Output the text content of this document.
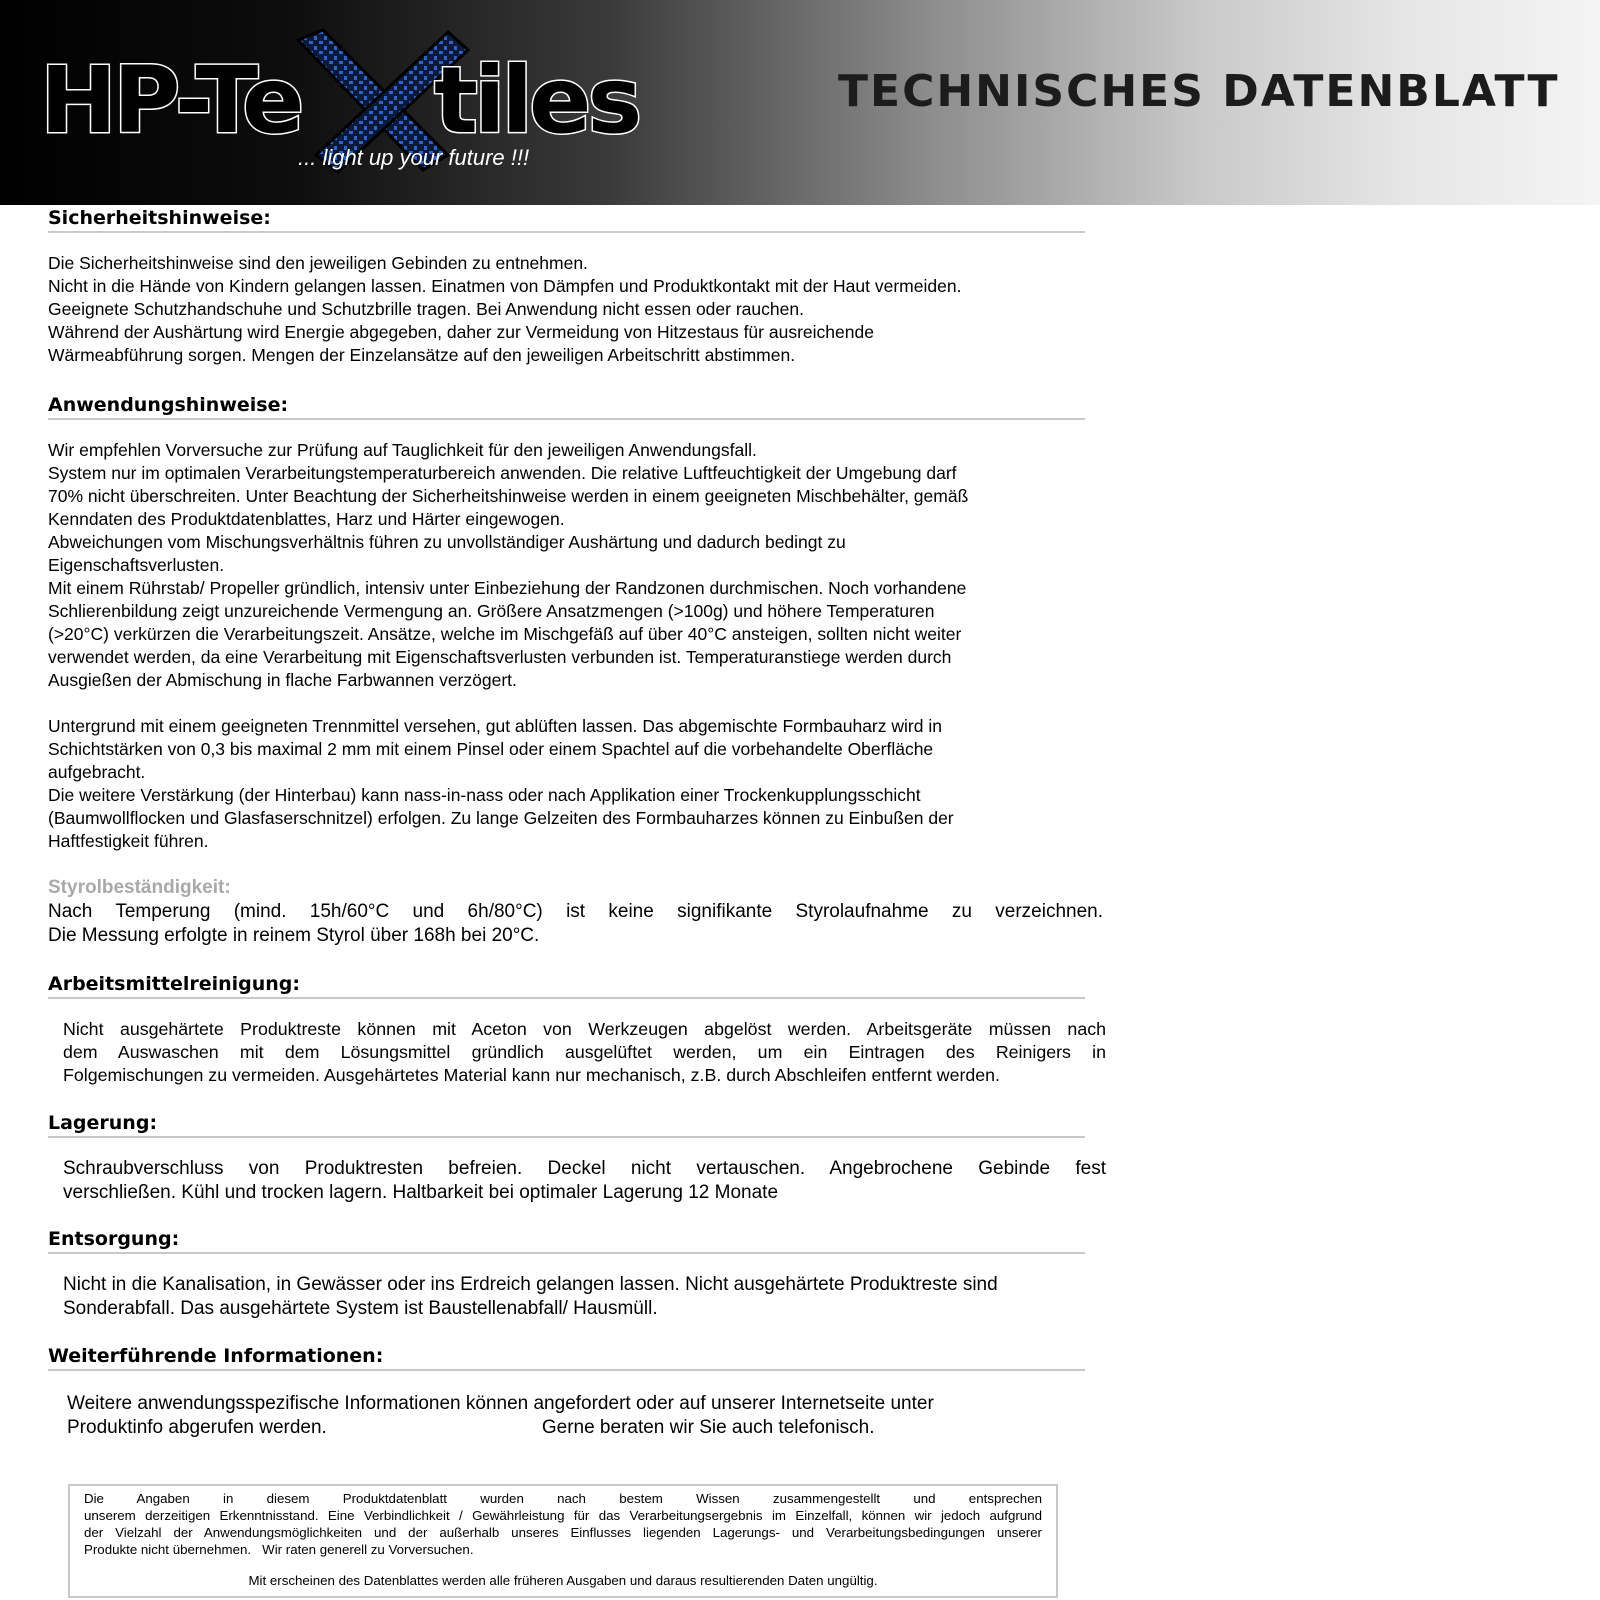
HP-Te tiles
... light up your future !!!
TECHNISCHES DATENBLATT
Sicherheitshinweise:

Die Sicherheitshinweise sind den jeweiligen Gebinden zu entnehmen.

Nicht in die Hände von Kindern gelangen lassen. Einatmen von Dämpfen und Produktkontakt mit der Haut vermeiden.

Geeignete Schutzhandschuhe und Schutzbrille tragen. Bei Anwendung nicht essen oder rauchen.

Während der Aushärtung wird Energie abgegeben, daher zur Vermeidung von Hitzestaus für ausreichende

Wärmeabführung sorgen. Mengen der Einzelansätze auf den jeweiligen Arbeitschritt abstimmen.

Anwendungshinweise:

Wir empfehlen Vorversuche zur Prüfung auf Tauglichkeit für den jeweiligen Anwendungsfall.

System nur im optimalen Verarbeitungstemperaturbereich anwenden. Die relative Luftfeuchtigkeit der Umgebung darf

70% nicht überschreiten. Unter Beachtung der Sicherheitshinweise werden in einem geeigneten Mischbehälter, gemäß

Kenndaten des Produktdatenblattes, Harz und Härter eingewogen.

Abweichungen vom Mischungsverhältnis führen zu unvollständiger Aushärtung und dadurch bedingt zu

Eigenschaftsverlusten.

Mit einem Rührstab/ Propeller gründlich, intensiv unter Einbeziehung der Randzonen durchmischen. Noch vorhandene

Schlierenbildung zeigt unzureichende Vermengung an. Größere Ansatzmengen (>100g) und höhere Temperaturen

(>20°C) verkürzen die Verarbeitungszeit. Ansätze, welche im Mischgefäß auf über 40°C ansteigen, sollten nicht weiter

verwendet werden, da eine Verarbeitung mit Eigenschaftsverlusten verbunden ist. Temperaturanstiege werden durch

Ausgießen der Abmischung in flache Farbwannen verzögert.

Untergrund mit einem geeigneten Trennmittel versehen, gut ablüften lassen. Das abgemischte Formbauharz wird in

Schichtstärken von 0,3 bis maximal 2 mm mit einem Pinsel oder einem Spachtel auf die vorbehandelte Oberfläche

aufgebracht.

Die weitere Verstärkung (der Hinterbau) kann nass-in-nass oder nach Applikation einer Trockenkupplungsschicht

(Baumwollflocken und Glasfaserschnitzel) erfolgen. Zu lange Gelzeiten des Formbauharzes können zu Einbußen der

Haftfestigkeit führen.

Styrolbeständigkeit:

Nach Temperung (mind. 15h/60°C und 6h/80°C) ist keine signifikante Styrolaufnahme zu verzeichnen.

Die Messung erfolgte in reinem Styrol über 168h bei 20°C.

Arbeitsmittelreinigung:

Nicht ausgehärtete Produktreste können mit Aceton von Werkzeugen abgelöst werden. Arbeitsgeräte müssen nach

dem Auswaschen mit dem Lösungsmittel gründlich ausgelüftet werden, um ein Eintragen des Reinigers in

Folgemischungen zu vermeiden. Ausgehärtetes Material kann nur mechanisch, z.B. durch Abschleifen entfernt werden.

Lagerung:

Schraubverschluss von Produktresten befreien. Deckel nicht vertauschen. Angebrochene Gebinde fest

verschließen. Kühl und trocken lagern. Haltbarkeit bei optimaler Lagerung 12 Monate

Entsorgung:

Nicht in die Kanalisation, in Gewässer oder ins Erdreich gelangen lassen. Nicht ausgehärtete Produktreste sind

Sonderabfall. Das ausgehärtete System ist Baustellenabfall/ Hausmüll.

Weiterführende Informationen:

Weitere anwendungsspezifische Informationen können angefordert oder auf unserer Internetseite unter

Produktinfo abgerufen werden.	Gerne beraten wir Sie auch telefonisch.

Die Angaben in diesem Produktdatenblatt wurden nach bestem Wissen zusammengestellt und entsprechen
unserem derzeitigen Erkenntnisstand. Eine Verbindlichkeit / Gewährleistung für das Verarbeitungsergebnis im Einzelfall, können wir jedoch aufgrund
der Vielzahl der Anwendungsmöglichkeiten und der außerhalb unseres Einflusses liegenden Lagerungs- und Verarbeitungsbedingungen unserer
Produkte nicht übernehmen.   Wir raten generell zu Vorversuchen.
Mit erscheinen des Datenblattes werden alle früheren Ausgaben und daraus resultierenden Daten ungültig.
